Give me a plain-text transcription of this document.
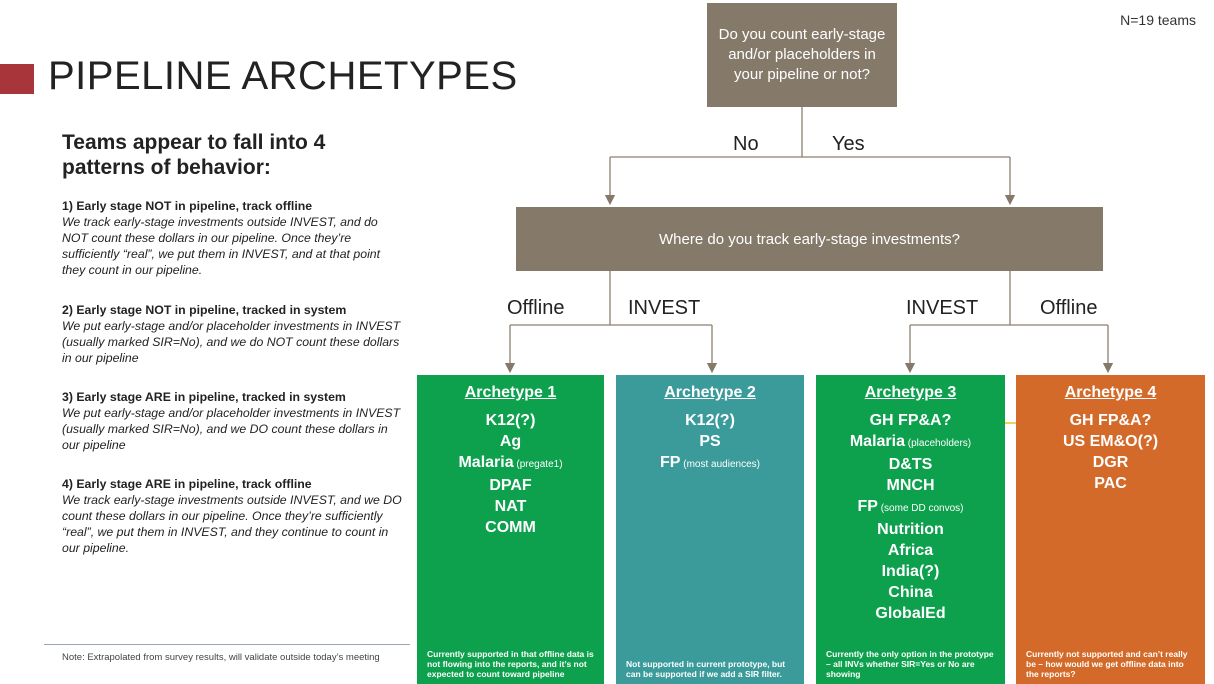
PIPELINE ARCHETYPES
N=19 teams
Teams appear to fall into 4 patterns of behavior:
1) Early stage NOT in pipeline, track offline
We track early-stage investments outside INVEST, and do NOT count these dollars in our pipeline. Once they’re sufficiently “real”, we put them in INVEST, and at that point they count in our pipeline.
2) Early stage NOT in pipeline, tracked in system
We put early-stage and/or placeholder investments in INVEST (usually marked SIR=No), and we do NOT count these dollars in our pipeline
3) Early stage ARE in pipeline, tracked in system
We put early-stage and/or placeholder investments in INVEST (usually marked SIR=No), and we DO count these dollars in our pipeline
4) Early stage ARE in pipeline, track offline
We track early-stage investments outside INVEST, and we DO count these dollars in our pipeline. Once they’re sufficiently “real”, we put them in INVEST, and they continue to count in our pipeline.
Note: Extrapolated from survey results, will validate outside today’s meeting
Do you count early-stage and/or placeholders in your pipeline or not?
Where do you track early-stage investments?
No	Yes
Offline	INVEST	INVEST	Offline
Archetype 1
K12(?)
Ag
Malaria (pregate1)
DPAF
NAT
COMM
Currently supported in that offline data is not flowing into the reports, and it’s not expected to count toward pipeline
Archetype 2
K12(?)
PS
FP (most audiences)
Not supported in current prototype, but can be supported if we add a SIR filter.
Archetype 3
GH FP&A?
Malaria (placeholders)
D&TS
MNCH
FP (some DD convos)
Nutrition
Africa
India(?)
China
GlobalEd
Currently the only option in the prototype – all INVs whether SIR=Yes or No are showing
Archetype 4
GH FP&A?
US EM&O(?)
DGR
PAC
Currently not supported and can’t really be – how would we get offline data into the reports?
